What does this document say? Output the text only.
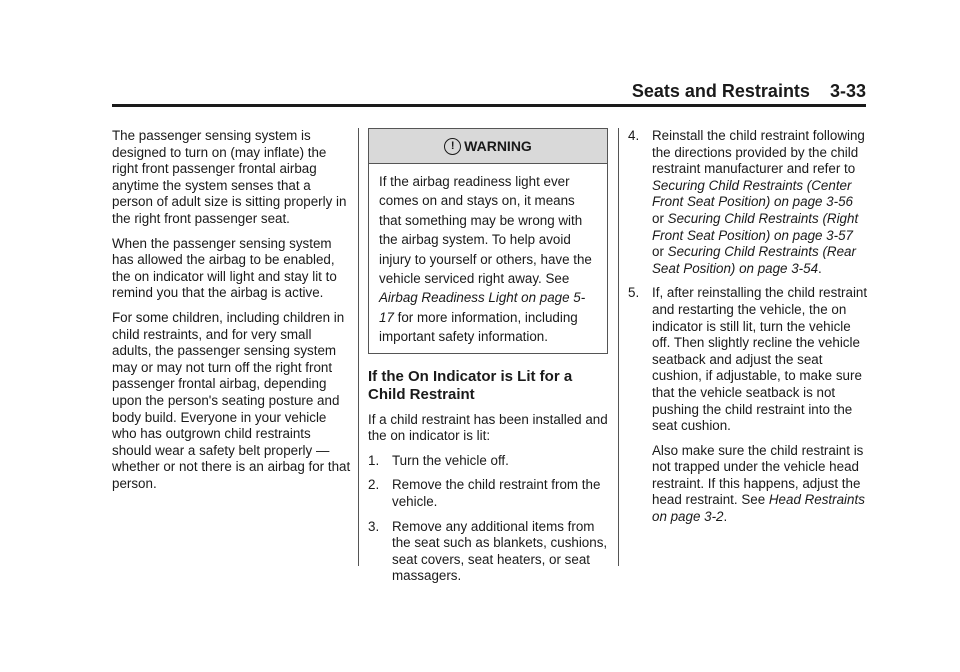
Seats and Restraints 3-33

The passenger sensing system is designed to turn on (may inflate) the right front passenger frontal airbag anytime the system senses that a person of adult size is sitting properly in the right front passenger seat.

When the passenger sensing system has allowed the airbag to be enabled, the on indicator will light and stay lit to remind you that the airbag is active.

For some children, including children in child restraints, and for very small adults, the passenger sensing system may or may not turn off the right front passenger frontal airbag, depending upon the person's seating posture and body build. Everyone in your vehicle who has outgrown child restraints should wear a safety belt properly — whether or not there is an airbag for that person.

! WARNING
If the airbag readiness light ever comes on and stays on, it means that something may be wrong with the airbag system. To help avoid injury to yourself or others, have the vehicle serviced right away. See Airbag Readiness Light on page 5-17 for more information, including important safety information.
If the On Indicator is Lit for a Child Restraint

If a child restraint has been installed and the on indicator is lit:

1. Turn the vehicle off.
2. Remove the child restraint from the vehicle.
3. Remove any additional items from the seat such as blankets, cushions, seat covers, seat heaters, or seat massagers.
4. Reinstall the child restraint following the directions provided by the child restraint manufacturer and refer to Securing Child Restraints (Center Front Seat Position) on page 3-56 or Securing Child Restraints (Right Front Seat Position) on page 3-57 or Securing Child Restraints (Rear Seat Position) on page 3-54.

5. If, after reinstalling the child restraint and restarting the vehicle, the on indicator is still lit, turn the vehicle off. Then slightly recline the vehicle seatback and adjust the seat cushion, if adjustable, to make sure that the vehicle seatback is not pushing the child restraint into the seat cushion.

Also make sure the child restraint is not trapped under the vehicle head restraint. If this happens, adjust the head restraint. See Head Restraints on page 3-2.
